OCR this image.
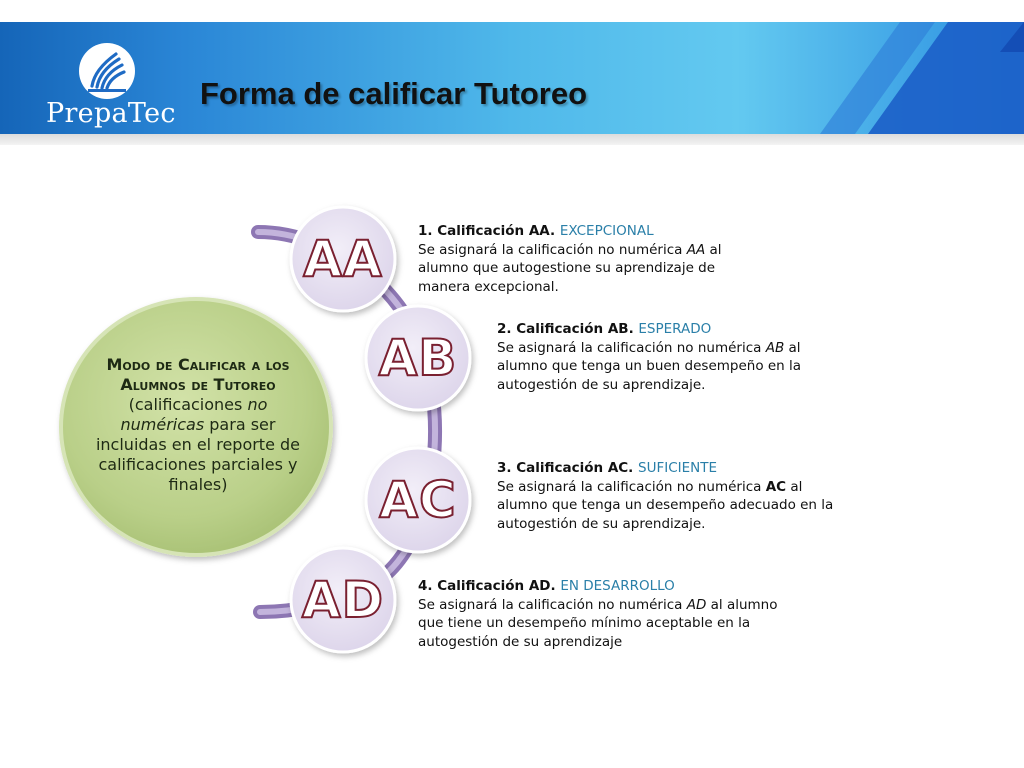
PrepaTec
Forma de calificar Tutoreo
Modo de Calificar a los Alumnos de Tutoreo
(calificaciones no numéricas para ser incluidas en el reporte de calificaciones parciales y finales)
AA
AB
AC
AD
1. Calificación AA. EXCEPCIONAL
Se asignará la calificación no numérica AA al alumno que autogestione su aprendizaje de manera excepcional.
2. Calificación AB. ESPERADO
Se asignará la calificación no numérica AB al alumno que tenga un buen desempeño en la autogestión de su aprendizaje.
3. Calificación AC. SUFICIENTE
Se asignará la calificación no numérica AC al alumno que tenga un desempeño adecuado en la autogestión de su aprendizaje.
4. Calificación AD. EN DESARROLLO
Se asignará la calificación no numérica AD al alumno que tiene un desempeño mínimo aceptable en la autogestión de su aprendizaje
